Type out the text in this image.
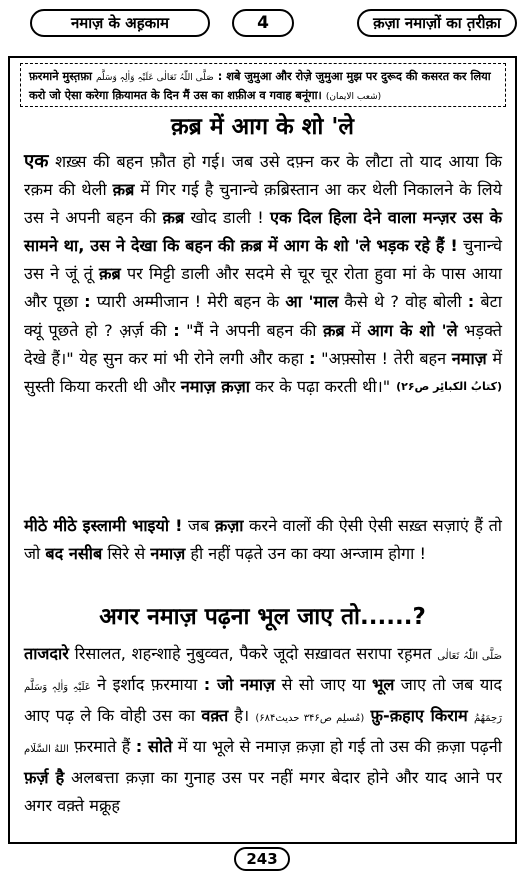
नमाज़ के अह़काम	4	क़ज़ा नमाज़ों का त़रीक़ा
फ़रमाने मुस्त़फ़ा صَلَّی اللّٰہُ تَعَالٰی عَلَیْہِ وَاٰلِہٖ وَسَلَّم : शबे जुमुआ और रोज़े जुमुआ मुझ पर दुरूद की कसरत कर लिया करो जो ऐसा करेगा क़ियामत के दिन मैं उस का शफ़ीअ व गवाह बनूंगा। (شعب الایمان)
क़ब्र में आग के शो 'ले
एक शख़्स की बहन फ़ौत हो गई। जब उसे दफ़्न कर के लौटा तो याद आया कि रक़म की थेली क़ब्र में गिर गई है चुनान्चे क़ब्रिस्तान आ कर थेली निकालने के लिये उस ने अपनी बहन की क़ब्र खोद डाली ! एक दिल हिला देने वाला मन्ज़र उस के सामने था, उस ने देखा कि बहन की क़ब्र में आग के शो 'ले भड़क रहे हैं ! चुनान्चे उस ने जूं तूं क़ब्र पर मिट्टी डाली और सदमे से चूर चूर रोता हुवा मां के पास आया और पूछा : प्यारी अम्मीजान ! मेरी बहन के आ 'माल कैसे थे ? वोह बोली : बेटा क्यूं पूछते हो ? अ़र्ज़ की : "मैं ने अपनी बहन की क़ब्र में आग के शो 'ले भड़क्ते देखे हैं।" येह सुन कर मां भी रोने लगी और कहा : "अफ़्सोस ! तेरी बहन नमाज़ में सुस्ती किया करती थी और नमाज़ क़ज़ा कर के पढ़ा करती थी।" (کتابُ الکبائِر ص۲۶)
मीठे मीठे इस्लामी भाइयो ! जब क़ज़ा करने वालों की ऐसी ऐसी सख़्त सज़ाएं हैं तो जो बद नसीब सिरे से नमाज़ ही नहीं पढ़ते उन का क्या अन्जाम होगा !
अगर नमाज़ पढ़ना भूल जाए तो......?
ताजदारे रिसालत, शहन्शाहे नुबुव्वत, पैकरे जूदो सख़ावत सरापा रह़मत صَلَّی اللّٰہُ تَعَالٰی عَلَیْہِ وَاٰلِہٖ وَسَلَّم ने इर्शाद फ़रमाया : जो नमाज़ से सो जाए या भूल जाए तो जब याद आए पढ़ ले कि वोही उस का वक़्त है। (مُسلِم ص۳۴۶ حدیث۶۸۴) फ़ु-क़हाए किराम رَحِمَهُمُ اللهُ السَّلَام फ़रमाते हैं : सोते में या भूले से नमाज़ क़ज़ा हो गई तो उस की क़ज़ा पढ़नी फ़र्ज़ है अलबत्ता क़ज़ा का गुनाह उस पर नहीं मगर बेदार होने और याद आने पर अगर वक़्ते मक्रूह
243
